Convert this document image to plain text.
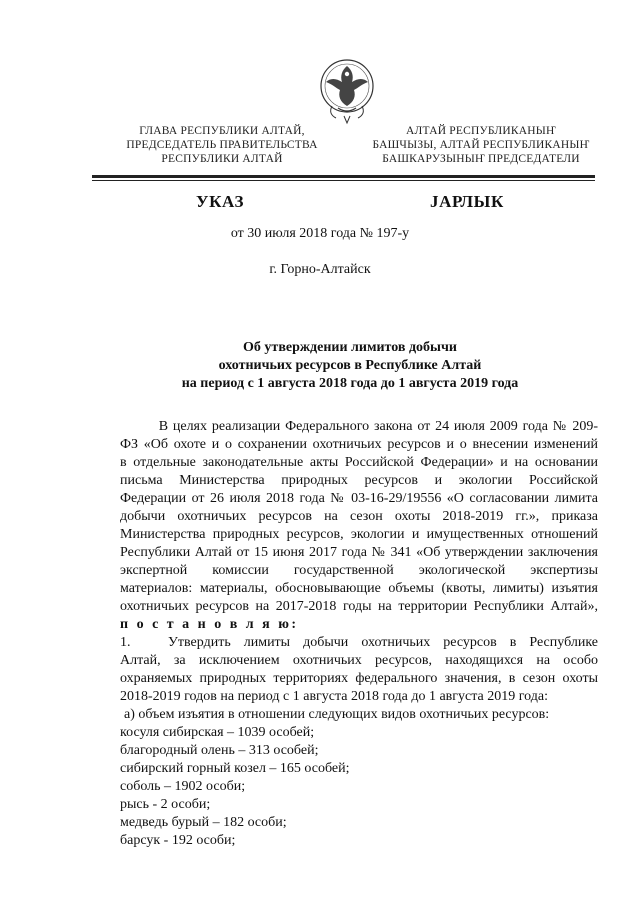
ГЛАВА РЕСПУБЛИКИ АЛТАЙ,
ПРЕДСЕДАТЕЛЬ ПРАВИТЕЛЬСТВА
РЕСПУБЛИКИ АЛТАЙ
АЛТАЙ РЕСПУБЛИКАНЫҤ
БАШЧЫЗЫ, АЛТАЙ РЕСПУБЛИКАНЫҤ
БАШКАРУЗЫНЫҤ ПРЕДСЕДАТЕЛИ
УКАЗ	ЈАРЛЫК
от 30 июля 2018 года № 197-у
г. Горно-Алтайск
Об утверждении лимитов добычи
охотничьих ресурсов в Республике Алтай
на период с 1 августа 2018 года до 1 августа 2019 года
В целях реализации Федерального закона от 24 июля 2009 года № 209-
ФЗ «Об охоте и о сохранении охотничьих ресурсов и о внесении изменений
в отдельные законодательные акты Российской Федерации» и на основании
письма Министерства природных ресурсов и экологии Российской
Федерации от 26 июля 2018 года № 03-16-29/19556 «О согласовании лимита
добычи охотничьих ресурсов на сезон охоты 2018-2019 гг.», приказа
Министерства природных ресурсов, экологии и имущественных отношений
Республики Алтай от 15 июня 2017 года № 341 «Об утверждении заключения
экспертной комиссии государственной экологической экспертизы
материалов: материалы, обосновывающие объемы (квоты, лимиты) изъятия
охотничьих ресурсов на 2017-2018 годы на территории Республики Алтай»,
п о с т а н о в л я ю:
1.	Утвердить лимиты добычи охотничьих ресурсов в Республике
Алтай, за исключением охотничьих ресурсов, находящихся на особо
охраняемых природных территориях федерального значения, в сезон охоты
2018-2019 годов на период с 1 августа 2018 года до 1 августа 2019 года:
а) объем изъятия в отношении следующих видов охотничьих ресурсов:
косуля сибирская – 1039 особей;
благородный олень – 313 особей;
сибирский горный козел – 165 особей;
соболь – 1902 особи;
рысь - 2 особи;
медведь бурый – 182 особи;
барсук - 192 особи;
